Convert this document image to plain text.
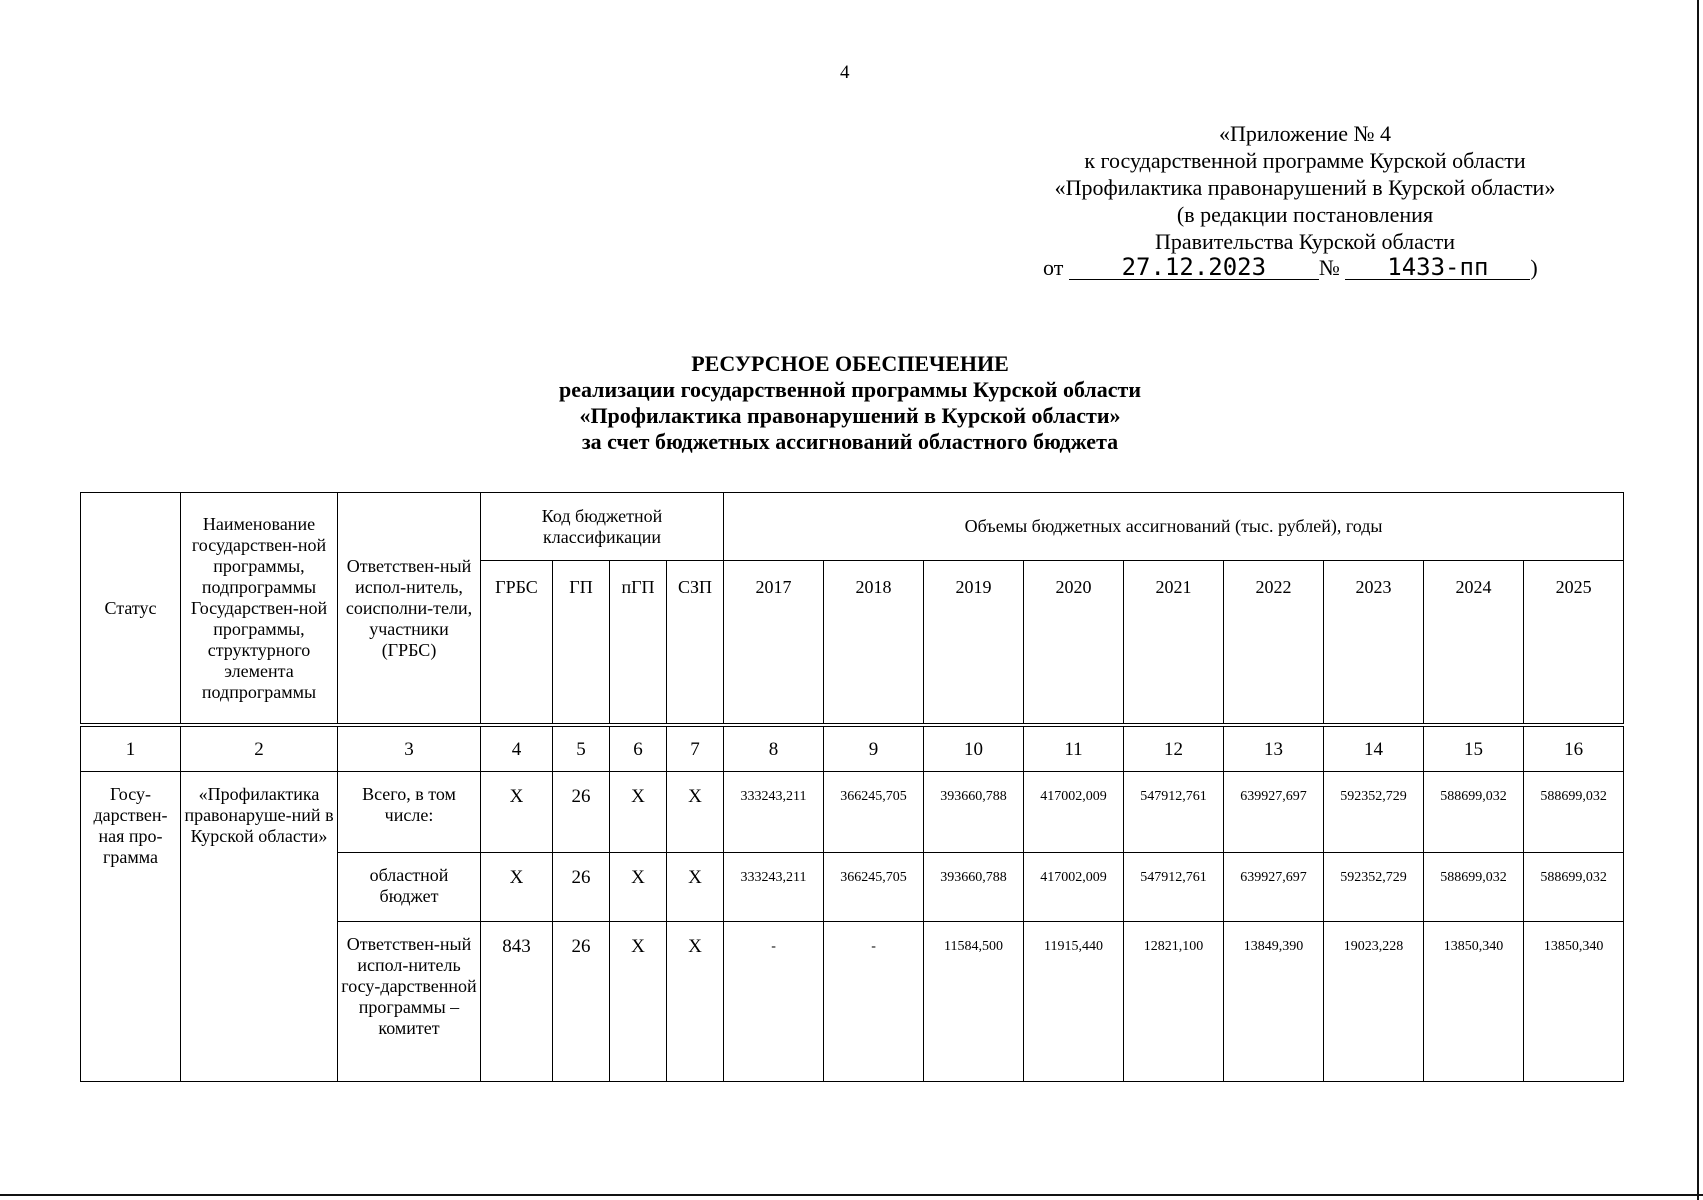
4
«Приложение № 4
к государственной программе Курской области
«Профилактика правонарушений в Курской области»
(в редакции постановления
Правительства Курской области
от 27.12.2023 № 1433-пп )
РЕСУРСНОЕ ОБЕСПЕЧЕНИЕ
реализации государственной программы Курской области
«Профилактика правонарушений в Курской области»
за счет бюджетных ассигнований областного бюджета
Статус	Наименование государствен-ной программы, подпрограммы Государствен-ной программы, структурного элемента подпрограммы	Ответствен-ный испол-нитель, соисполни-тели, участники (ГРБС)	Код бюджетной классификации				Объемы бюджетных ассигнований (тыс. рублей), годы								
			ГРБС	ГП	пГП	СЗП	2017	2018	2019	2020	2021	2022	2023	2024	2025

1	2	3	4	5	6	7	8	9	10	11	12	13	14	15	16
Госу-дарствен-ная про-грамма	«Профилактика правонаруше-ний в Курской области»	Всего, в том числе:	Х	26	Х	Х	333243,211	366245,705	393660,788	417002,009	547912,761	639927,697	592352,729	588699,032	588699,032
		областной бюджет	Х	26	Х	Х	333243,211	366245,705	393660,788	417002,009	547912,761	639927,697	592352,729	588699,032	588699,032
		Ответствен-ный испол-нитель госу-дарственной программы – комитет	843	26	Х	Х	-	-	11584,500	11915,440	12821,100	13849,390	19023,228	13850,340	13850,340
